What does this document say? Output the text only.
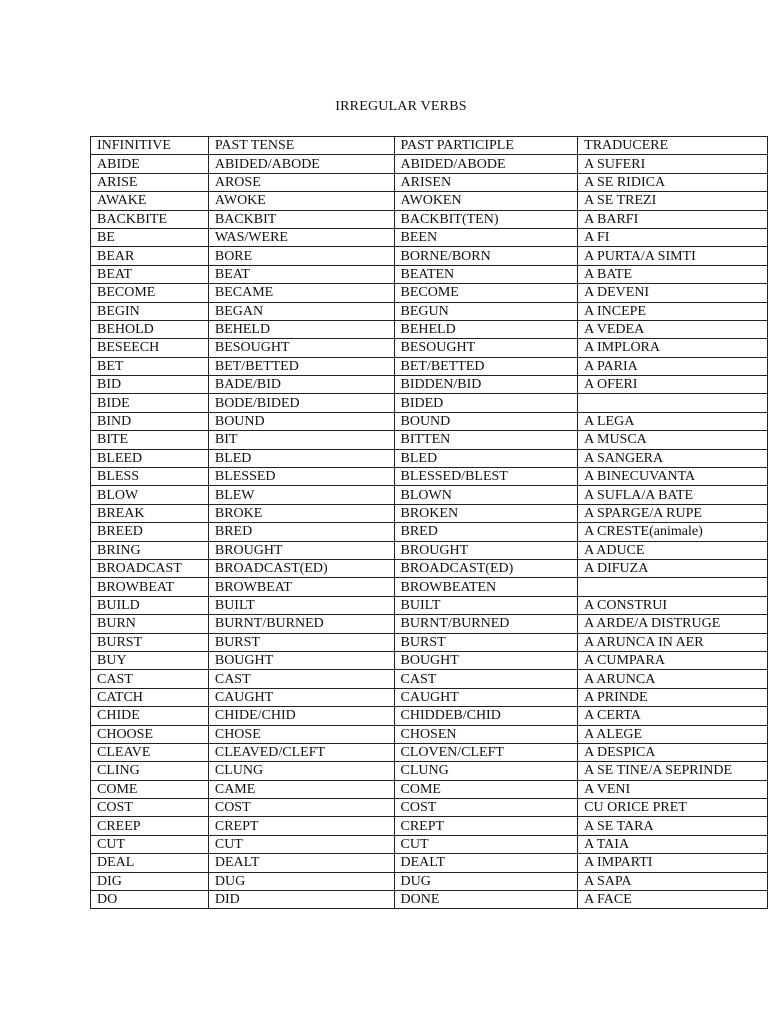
IRREGULAR VERBS
INFINITIVE	PAST TENSE	PAST PARTICIPLE	TRADUCERE
ABIDE	ABIDED/ABODE	ABIDED/ABODE	A SUFERI
ARISE	AROSE	ARISEN	A SE RIDICA
AWAKE	AWOKE	AWOKEN	A SE TREZI
BACKBITE	BACKBIT	BACKBIT(TEN)	A BARFI
BE	WAS/WERE	BEEN	A FI
BEAR	BORE	BORNE/BORN	A PURTA/A SIMTI
BEAT	BEAT	BEATEN	A BATE
BECOME	BECAME	BECOME	A DEVENI
BEGIN	BEGAN	BEGUN	A INCEPE
BEHOLD	BEHELD	BEHELD	A VEDEA
BESEECH	BESOUGHT	BESOUGHT	A IMPLORA
BET	BET/BETTED	BET/BETTED	A PARIA
BID	BADE/BID	BIDDEN/BID	A OFERI
BIDE	BODE/BIDED	BIDED	
BIND	BOUND	BOUND	A LEGA
BITE	BIT	BITTEN	A MUSCA
BLEED	BLED	BLED	A SANGERA
BLESS	BLESSED	BLESSED/BLEST	A BINECUVANTA
BLOW	BLEW	BLOWN	A SUFLA/A BATE
BREAK	BROKE	BROKEN	A SPARGE/A RUPE
BREED	BRED	BRED	A CRESTE(animale)
BRING	BROUGHT	BROUGHT	A ADUCE
BROADCAST	BROADCAST(ED)	BROADCAST(ED)	A DIFUZA
BROWBEAT	BROWBEAT	BROWBEATEN	
BUILD	BUILT	BUILT	A CONSTRUI
BURN	BURNT/BURNED	BURNT/BURNED	A ARDE/A DISTRUGE
BURST	BURST	BURST	A ARUNCA IN AER
BUY	BOUGHT	BOUGHT	A CUMPARA
CAST	CAST	CAST	A ARUNCA
CATCH	CAUGHT	CAUGHT	A PRINDE
CHIDE	CHIDE/CHID	CHIDDEB/CHID	A CERTA
CHOOSE	CHOSE	CHOSEN	A ALEGE
CLEAVE	CLEAVED/CLEFT	CLOVEN/CLEFT	A DESPICA
CLING	CLUNG	CLUNG	A SE TINE/A SEPRINDE
COME	CAME	COME	A VENI
COST	COST	COST	CU ORICE PRET
CREEP	CREPT	CREPT	A SE TARA
CUT	CUT	CUT	A TAIA
DEAL	DEALT	DEALT	A IMPARTI
DIG	DUG	DUG	A SAPA
DO	DID	DONE	A FACE
